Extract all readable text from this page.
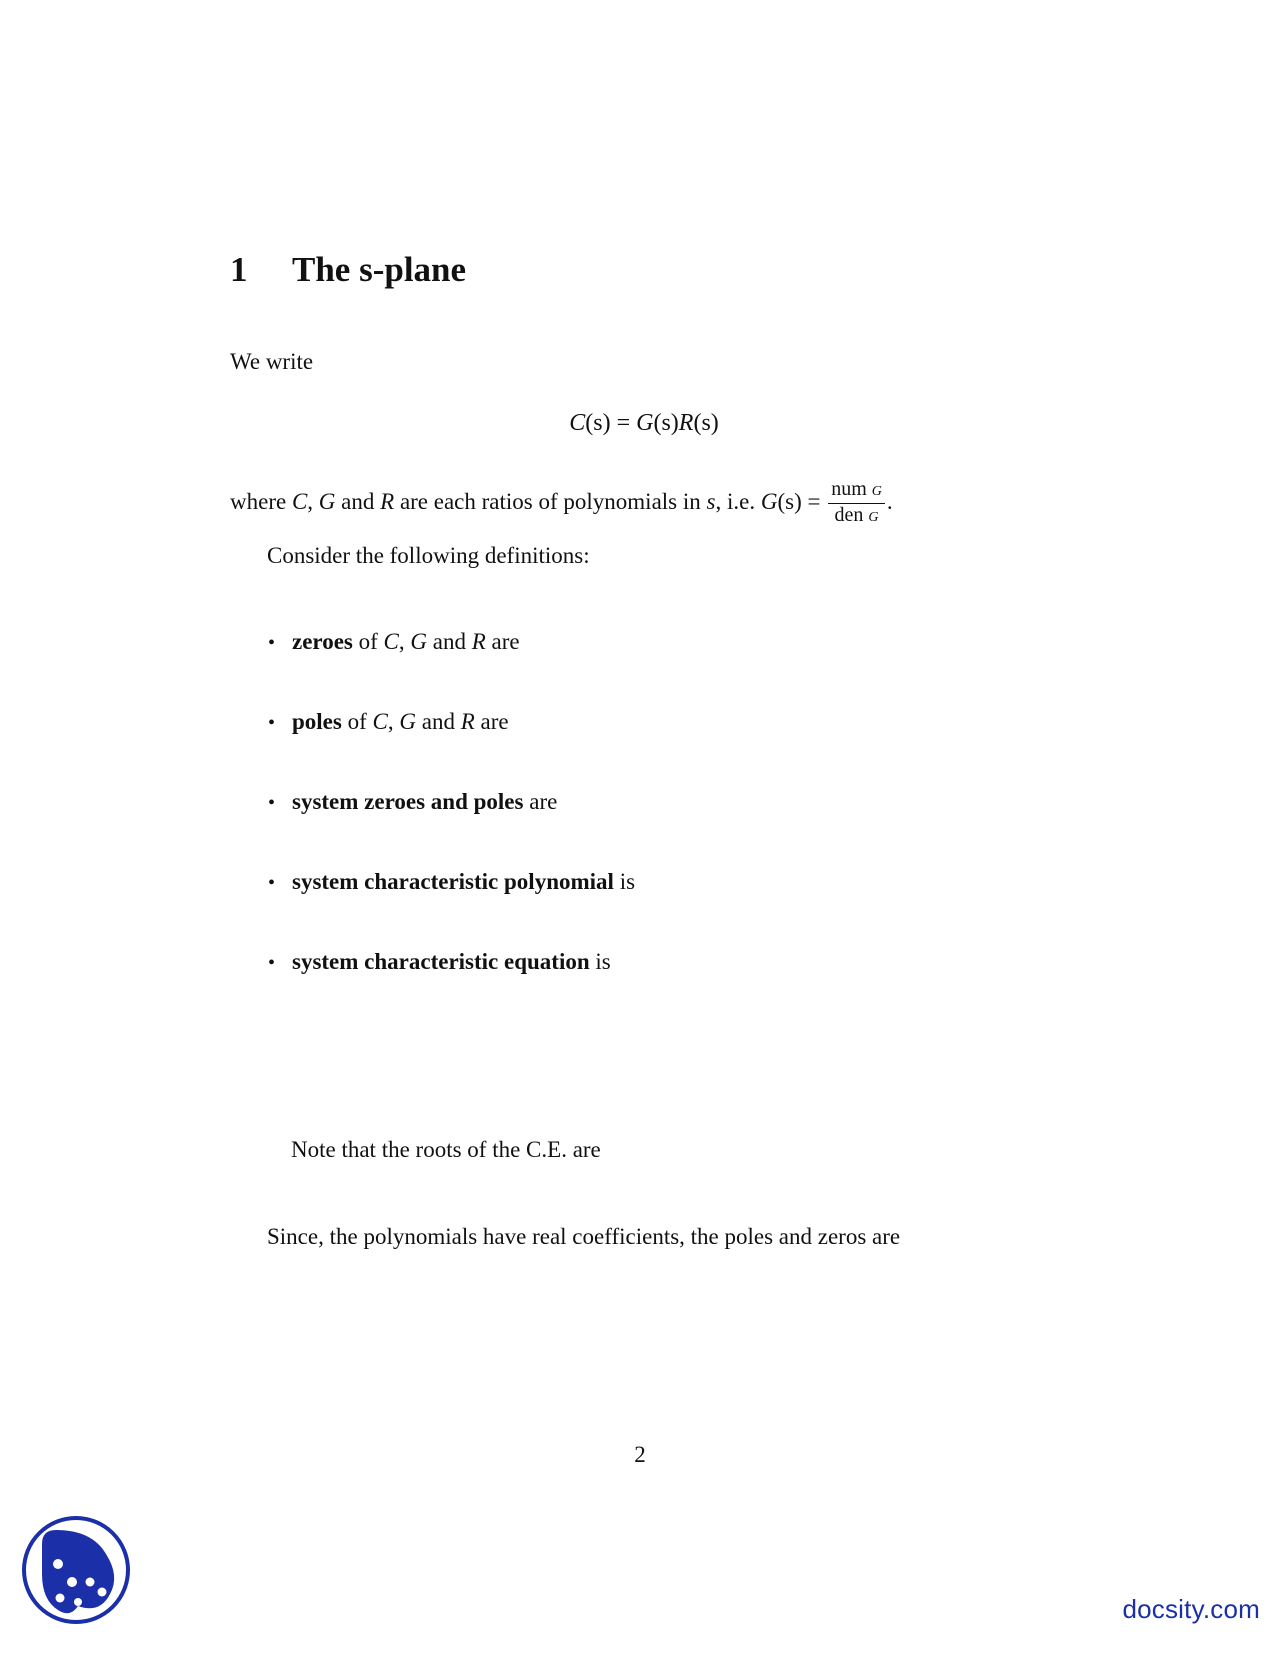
1 The s-plane
We write
C(s) = G(s)R(s)
where C, G and R are each ratios of polynomials in s, i.e. $G(s) = \frac{\text{num G}}{\text{den G}}$ .
Consider the following definitions:
• zeroes of C, G and R are
• poles of C, G and R are
• system zeroes and poles are
• system characteristic polynomial is
• system characteristic equation is
Note that the roots of the C.E. are
Since, the polynomials have real coefficients, the poles and zeros are
2
docsity.com
